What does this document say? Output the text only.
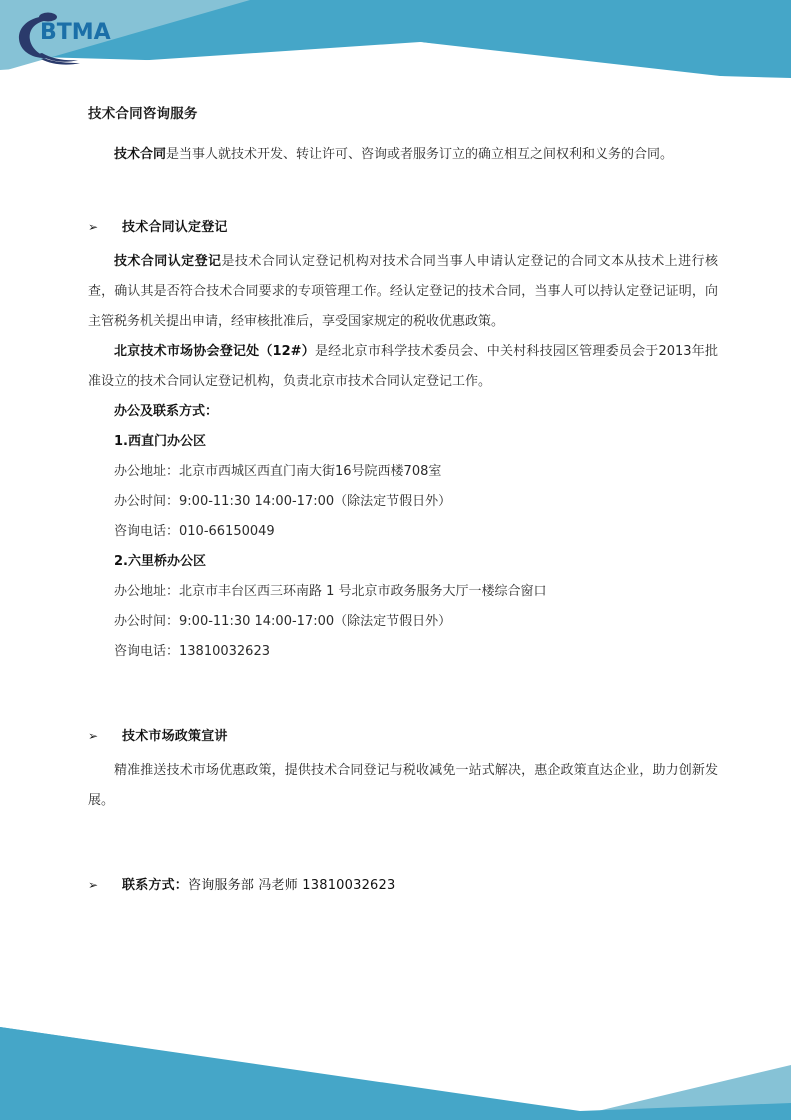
BTMA
技术合同咨询服务

技术合同是当事人就技术开发、转让许可、咨询或者服务订立的确立相互之间权利和义务的合同。

➢	技术合同认定登记

技术合同认定登记是技术合同认定登记机构对技术合同当事人申请认定登记的合同文本从技术上进行核查，确认其是否符合技术合同要求的专项管理工作。经认定登记的技术合同，当事人可以持认定登记证明，向主管税务机关提出申请，经审核批准后，享受国家规定的税收优惠政策。

北京技术市场协会登记处（12#）是经北京市科学技术委员会、中关村科技园区管理委员会于2013年批准设立的技术合同认定登记机构，负责北京市技术合同认定登记工作。

办公及联系方式：
1.西直门办公区
办公地址：北京市西城区西直门南大街16号院西楼708室
办公时间：9:00-11:30 14:00-17:00（除法定节假日外）
咨询电话：010-66150049
2.六里桥办公区
办公地址：北京市丰台区西三环南路 1 号北京市政务服务大厅一楼综合窗口
办公时间：9:00-11:30 14:00-17:00（除法定节假日外）
咨询电话：13810032623
➢	技术市场政策宣讲

精准推送技术市场优惠政策，提供技术合同登记与税收减免一站式解决，惠企政策直达企业，助力创新发展。

➢	联系方式： 咨询服务部 冯老师 13810032623
